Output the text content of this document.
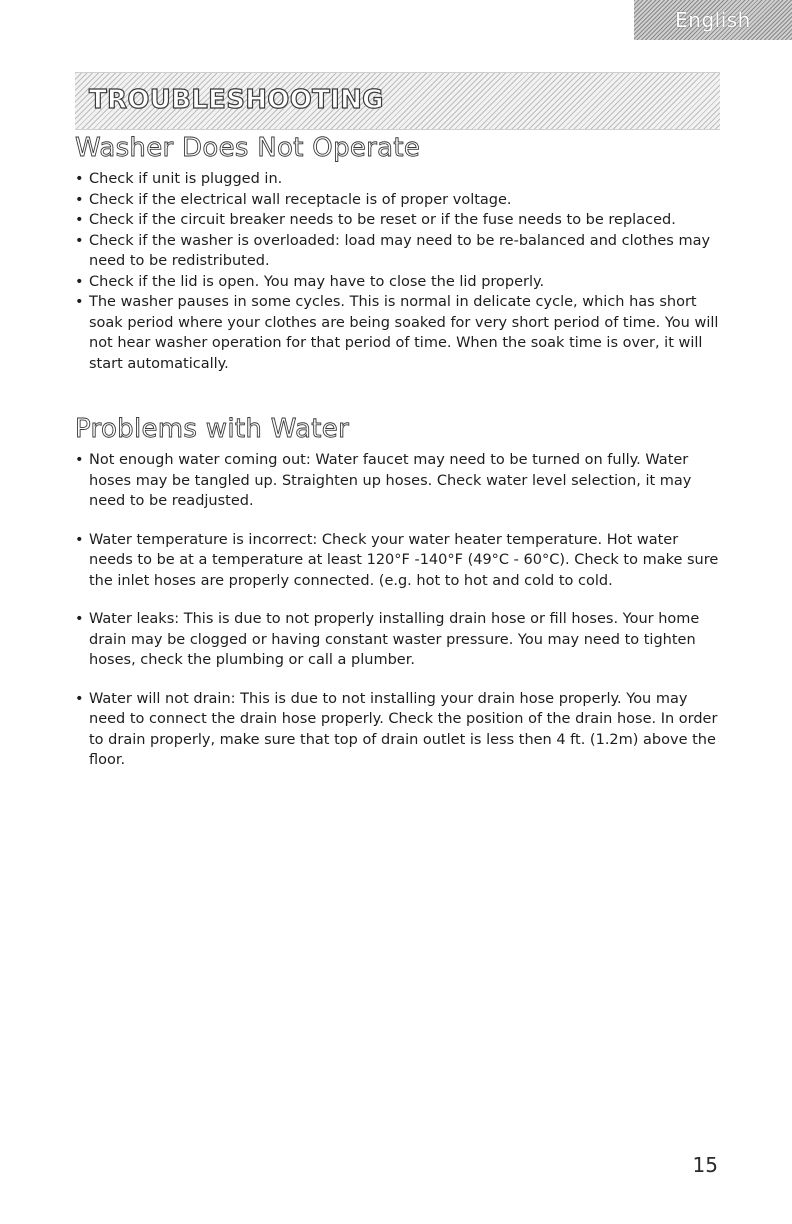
English
TROUBLESHOOTING
Washer Does Not Operate
• Check if unit is plugged in.
• Check if the electrical wall receptacle is of proper voltage.
• Check if the circuit breaker needs to be reset or if the fuse needs to be replaced.
• Check if the washer is overloaded: load may need to be re-balanced and clothes may need to be redistributed.
• Check if the lid is open. You may have to close the lid properly.
• The washer pauses in some cycles. This is normal in delicate cycle, which has short soak period where your clothes are being soaked for very short period of time. You will not hear washer operation for that period of time. When the soak time is over, it will start automatically.
Problems with Water
• Not enough water coming out: Water faucet may need to be turned on fully. Water hoses may be tangled up. Straighten up hoses. Check water level selection, it may need to be readjusted.
• Water temperature is incorrect: Check your water heater temperature. Hot water needs to be at a temperature at least 120°F -140°F (49°C - 60°C). Check to make sure the inlet hoses are properly connected. (e.g. hot to hot and cold to cold.
• Water leaks: This is due to not properly installing drain hose or fill hoses. Your home drain may be clogged or having constant waster pressure. You may need to tighten hoses, check the plumbing or call a plumber.
• Water will not drain: This is due to not installing your drain hose properly. You may need to connect the drain hose properly. Check the position of the drain hose. In order to drain properly, make sure that top of drain outlet is less then 4 ft. (1.2m) above the floor.
15
